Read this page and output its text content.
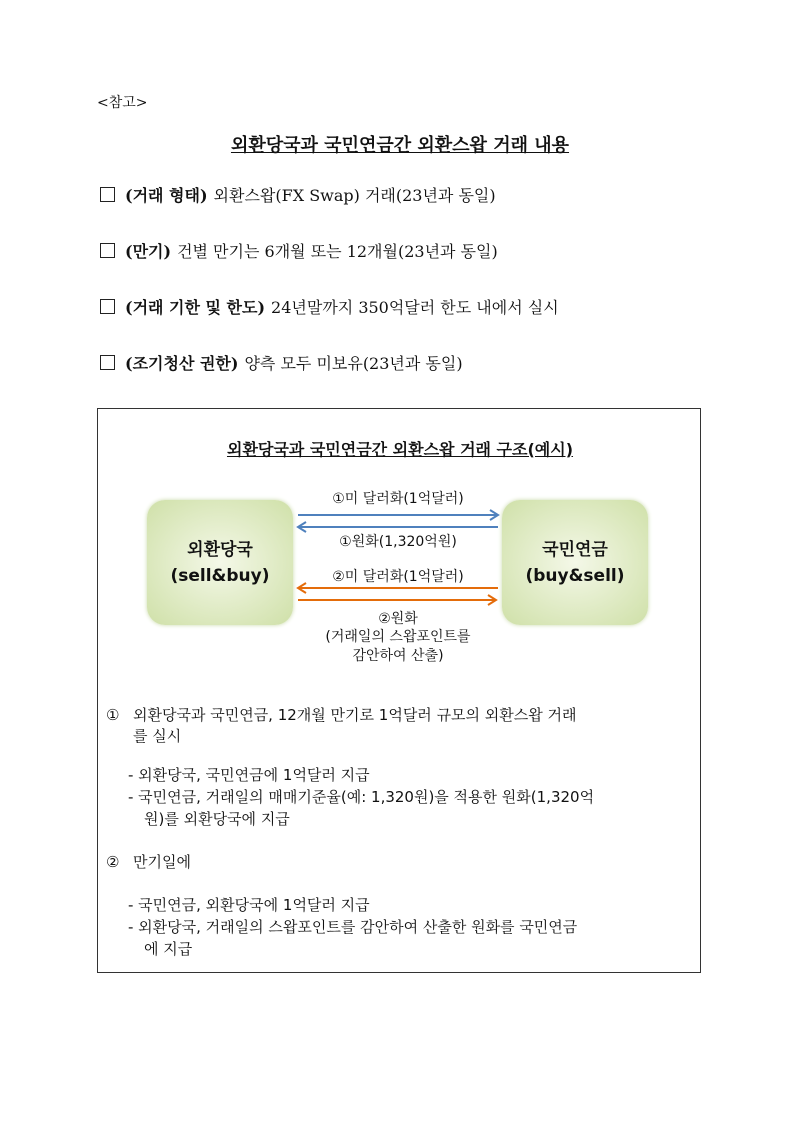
<참고>
외환당국과 국민연금간 외환스왑 거래 내용
(거래 형태) 외환스왑(FX Swap) 거래(23년과 동일)
(만기) 건별 만기는 6개월 또는 12개월(23년과 동일)
(거래 기한 및 한도) 24년말까지 350억달러 한도 내에서 실시
(조기청산 권한) 양측 모두 미보유(23년과 동일)
외환당국과 국민연금간 외환스왑 거래 구조(예시)
외환당국
(sell&buy)
국민연금
(buy&sell)
①미 달러화(1억달러)
①원화(1,320억원)
②미 달러화(1억달러)
②원화
(거래일의 스왑포인트를
감안하여 산출)
① 외환당국과 국민연금, 12개월 만기로 1억달러 규모의 외환스왑 거래
를 실시
- 외환당국, 국민연금에 1억달러 지급
- 국민연금, 거래일의 매매기준율(예: 1,320원)을 적용한 원화(1,320억
원)를 외환당국에 지급
② 만기일에
- 국민연금, 외환당국에 1억달러 지급
- 외환당국, 거래일의 스왑포인트를 감안하여 산출한 원화를 국민연금
에 지급
